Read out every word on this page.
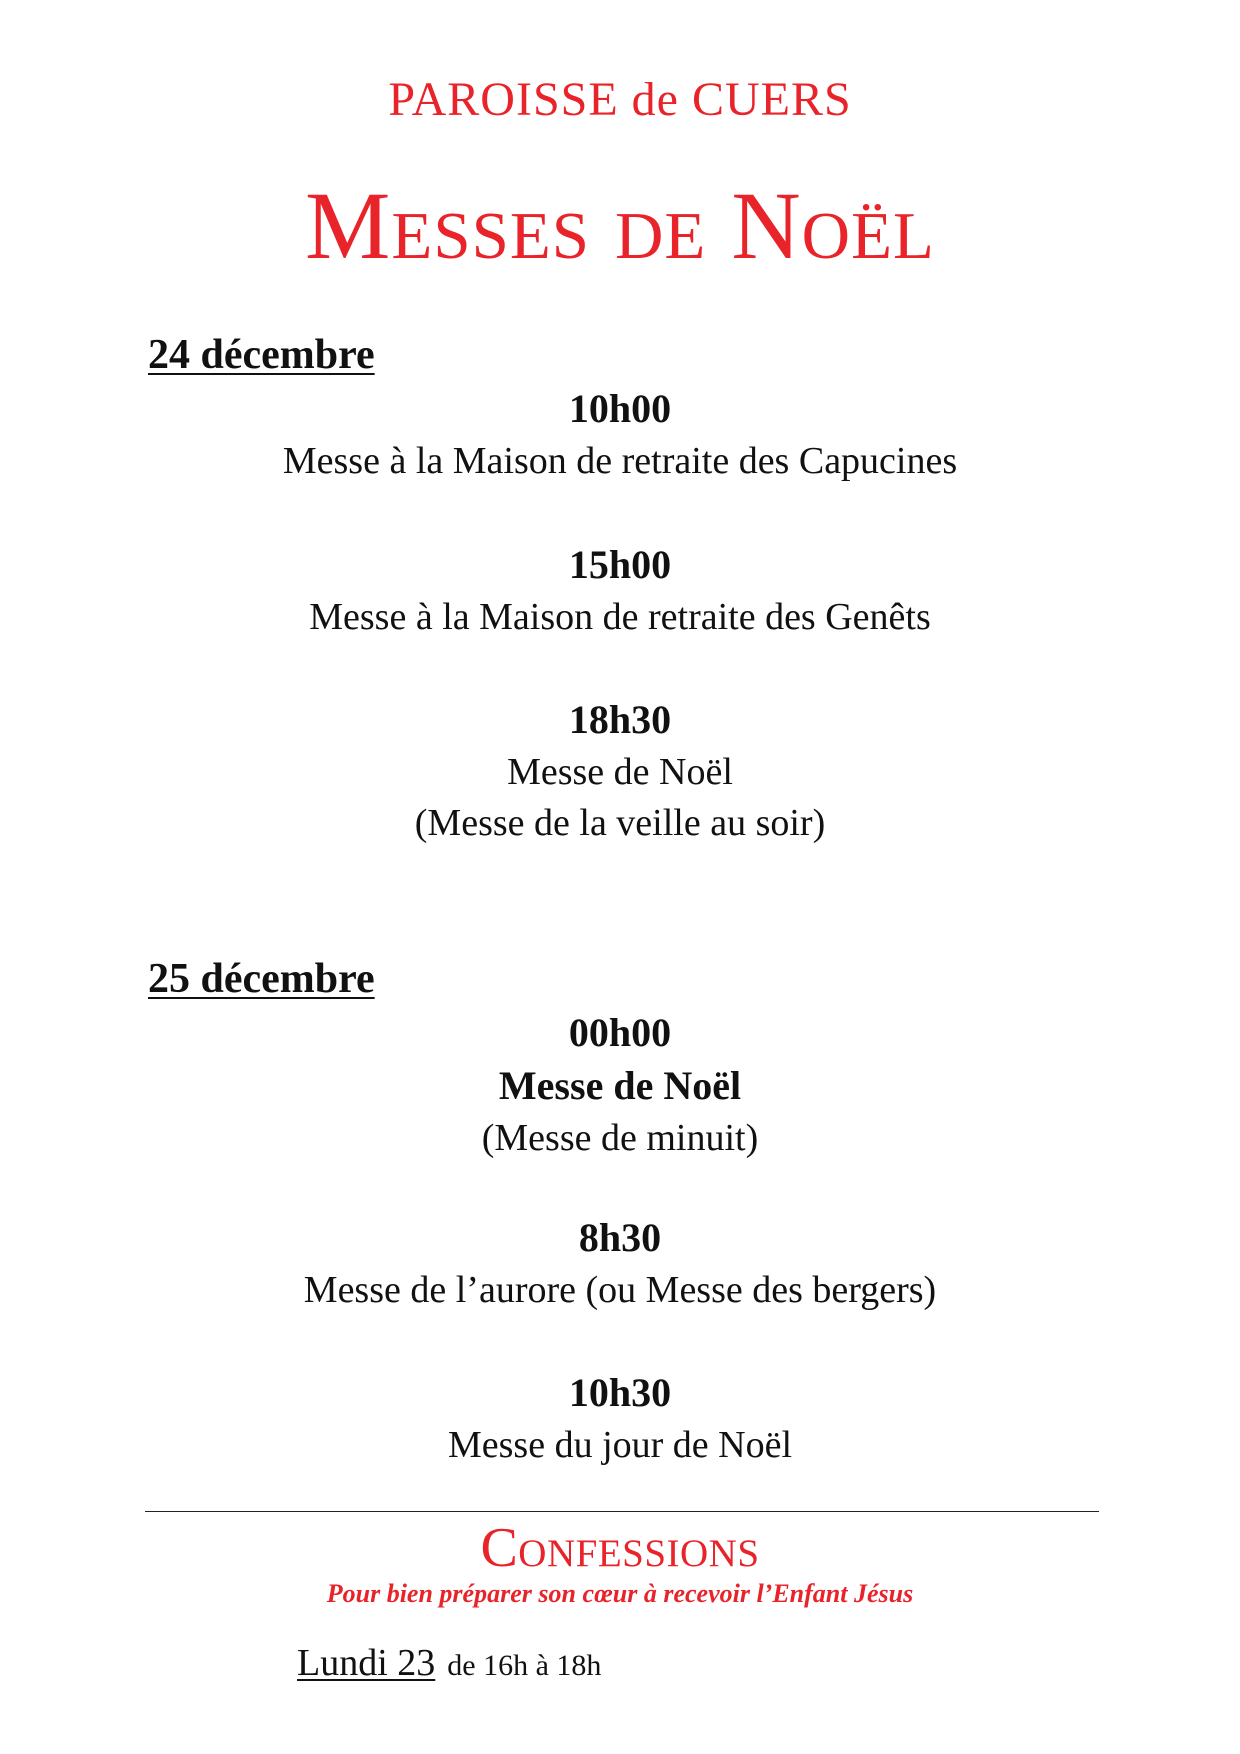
PAROISSE de CUERS
Messes de Noël
24 décembre
10h00
Messe à la Maison de retraite des Capucines
15h00
Messe à la Maison de retraite des Genêts
18h30
Messe de Noël
(Messe de la veille au soir)
25 décembre
00h00
Messe de Noël
(Messe de minuit)
8h30
Messe de l’aurore (ou Messe des bergers)
10h30
Messe du jour de Noël
Confessions
Pour bien préparer son cœur à recevoir l’Enfant Jésus
Lundi 23 de 16h à 18h
